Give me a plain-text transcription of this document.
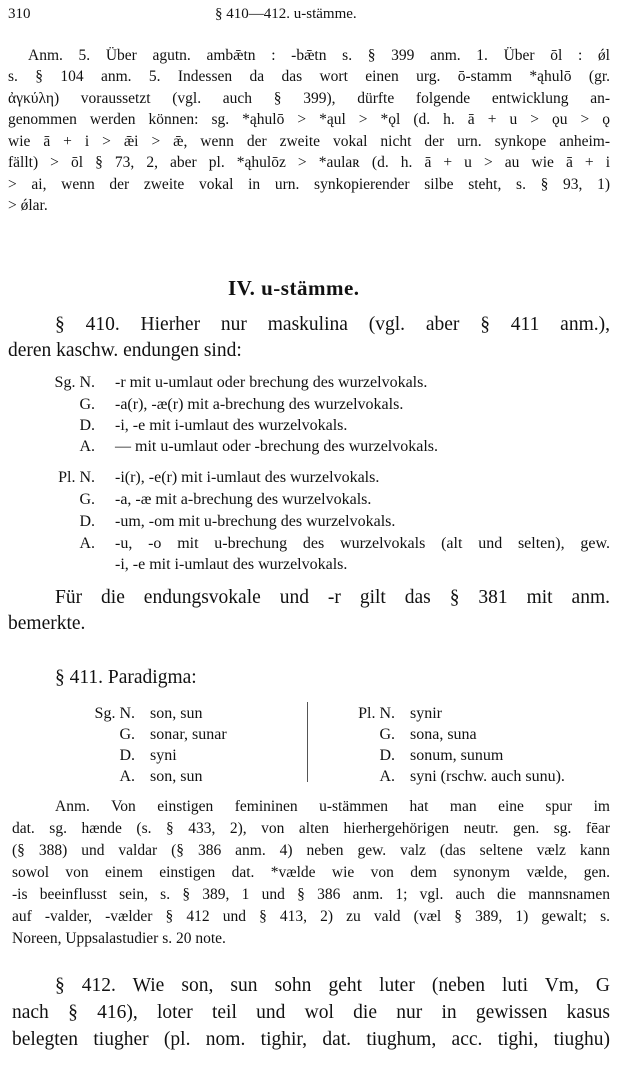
310	§ 410—412. u-stämme.
Anm. 5. Über agutn. ambǣtn : -bǣtn s. § 399 anm. 1. Über ōl : ǿl
s. § 104 anm. 5. Indessen da das wort einen urg. ō-stamm *ąhulō (gr.
ἀγκύλη) voraussetzt (vgl. auch § 399), dürfte folgende entwicklung an-
genommen werden können: sg. *ąhulō > *ąul > *ǫl (d. h. ā + u > ǫu > ǫ
wie ā + i > ǣi > ǣ, wenn der zweite vokal nicht der urn. synkope anheim-
fällt) > ōl § 73, 2, aber pl. *ąhulōz > *aulaʀ (d. h. ā + u > au wie ā + i
> ai, wenn der zweite vokal in urn. synkopierender silbe steht, s. § 93, 1)
> ǿlar.
IV. u-stämme.
§ 410. Hierher nur maskulina (vgl. aber § 411 anm.),
deren kaschw. endungen sind:
Sg. N. -r mit u-umlaut oder brechung des wurzelvokals.
G. -a(r), -æ(r) mit a-brechung des wurzelvokals.
D. -i, -e mit i-umlaut des wurzelvokals.
A. — mit u-umlaut oder -brechung des wurzelvokals.
Pl. N. -i(r), -e(r) mit i-umlaut des wurzelvokals.
G. -a, -æ mit a-brechung des wurzelvokals.
D. -um, -om mit u-brechung des wurzelvokals.
A. -u, -o mit u-brechung des wurzelvokals (alt und selten), gew.
-i, -e mit i-umlaut des wurzelvokals.
Für die endungsvokale und -r gilt das § 381 mit anm.
bemerkte.
§ 411. Paradigma:
Sg. N. son, sun
G. sonar, sunar
D. syni
A. son, sun
Pl. N. synir
G. sona, suna
D. sonum, sunum
A. syni (rschw. auch sunu).
Anm. Von einstigen femininen u-stämmen hat man eine spur im
dat. sg. hænde (s. § 433, 2), von alten hierhergehörigen neutr. gen. sg. fēar
(§ 388) und valdar (§ 386 anm. 4) neben gew. valz (das seltene vælz kann
sowol von einem einstigen dat. *vælde wie von dem synonym vælde, gen.
-is beeinflusst sein, s. § 389, 1 und § 386 anm. 1; vgl. auch die mannsnamen
auf -valder, -vælder § 412 und § 413, 2) zu vald (væl § 389, 1) gewalt; s.
Noreen, Uppsalastudier s. 20 note.
§ 412. Wie son, sun sohn geht luter (neben luti Vm, G
nach § 416), loter teil und wol die nur in gewissen kasus
belegten tiugher (pl. nom. tighir, dat. tiughum, acc. tighi, tiughu)
